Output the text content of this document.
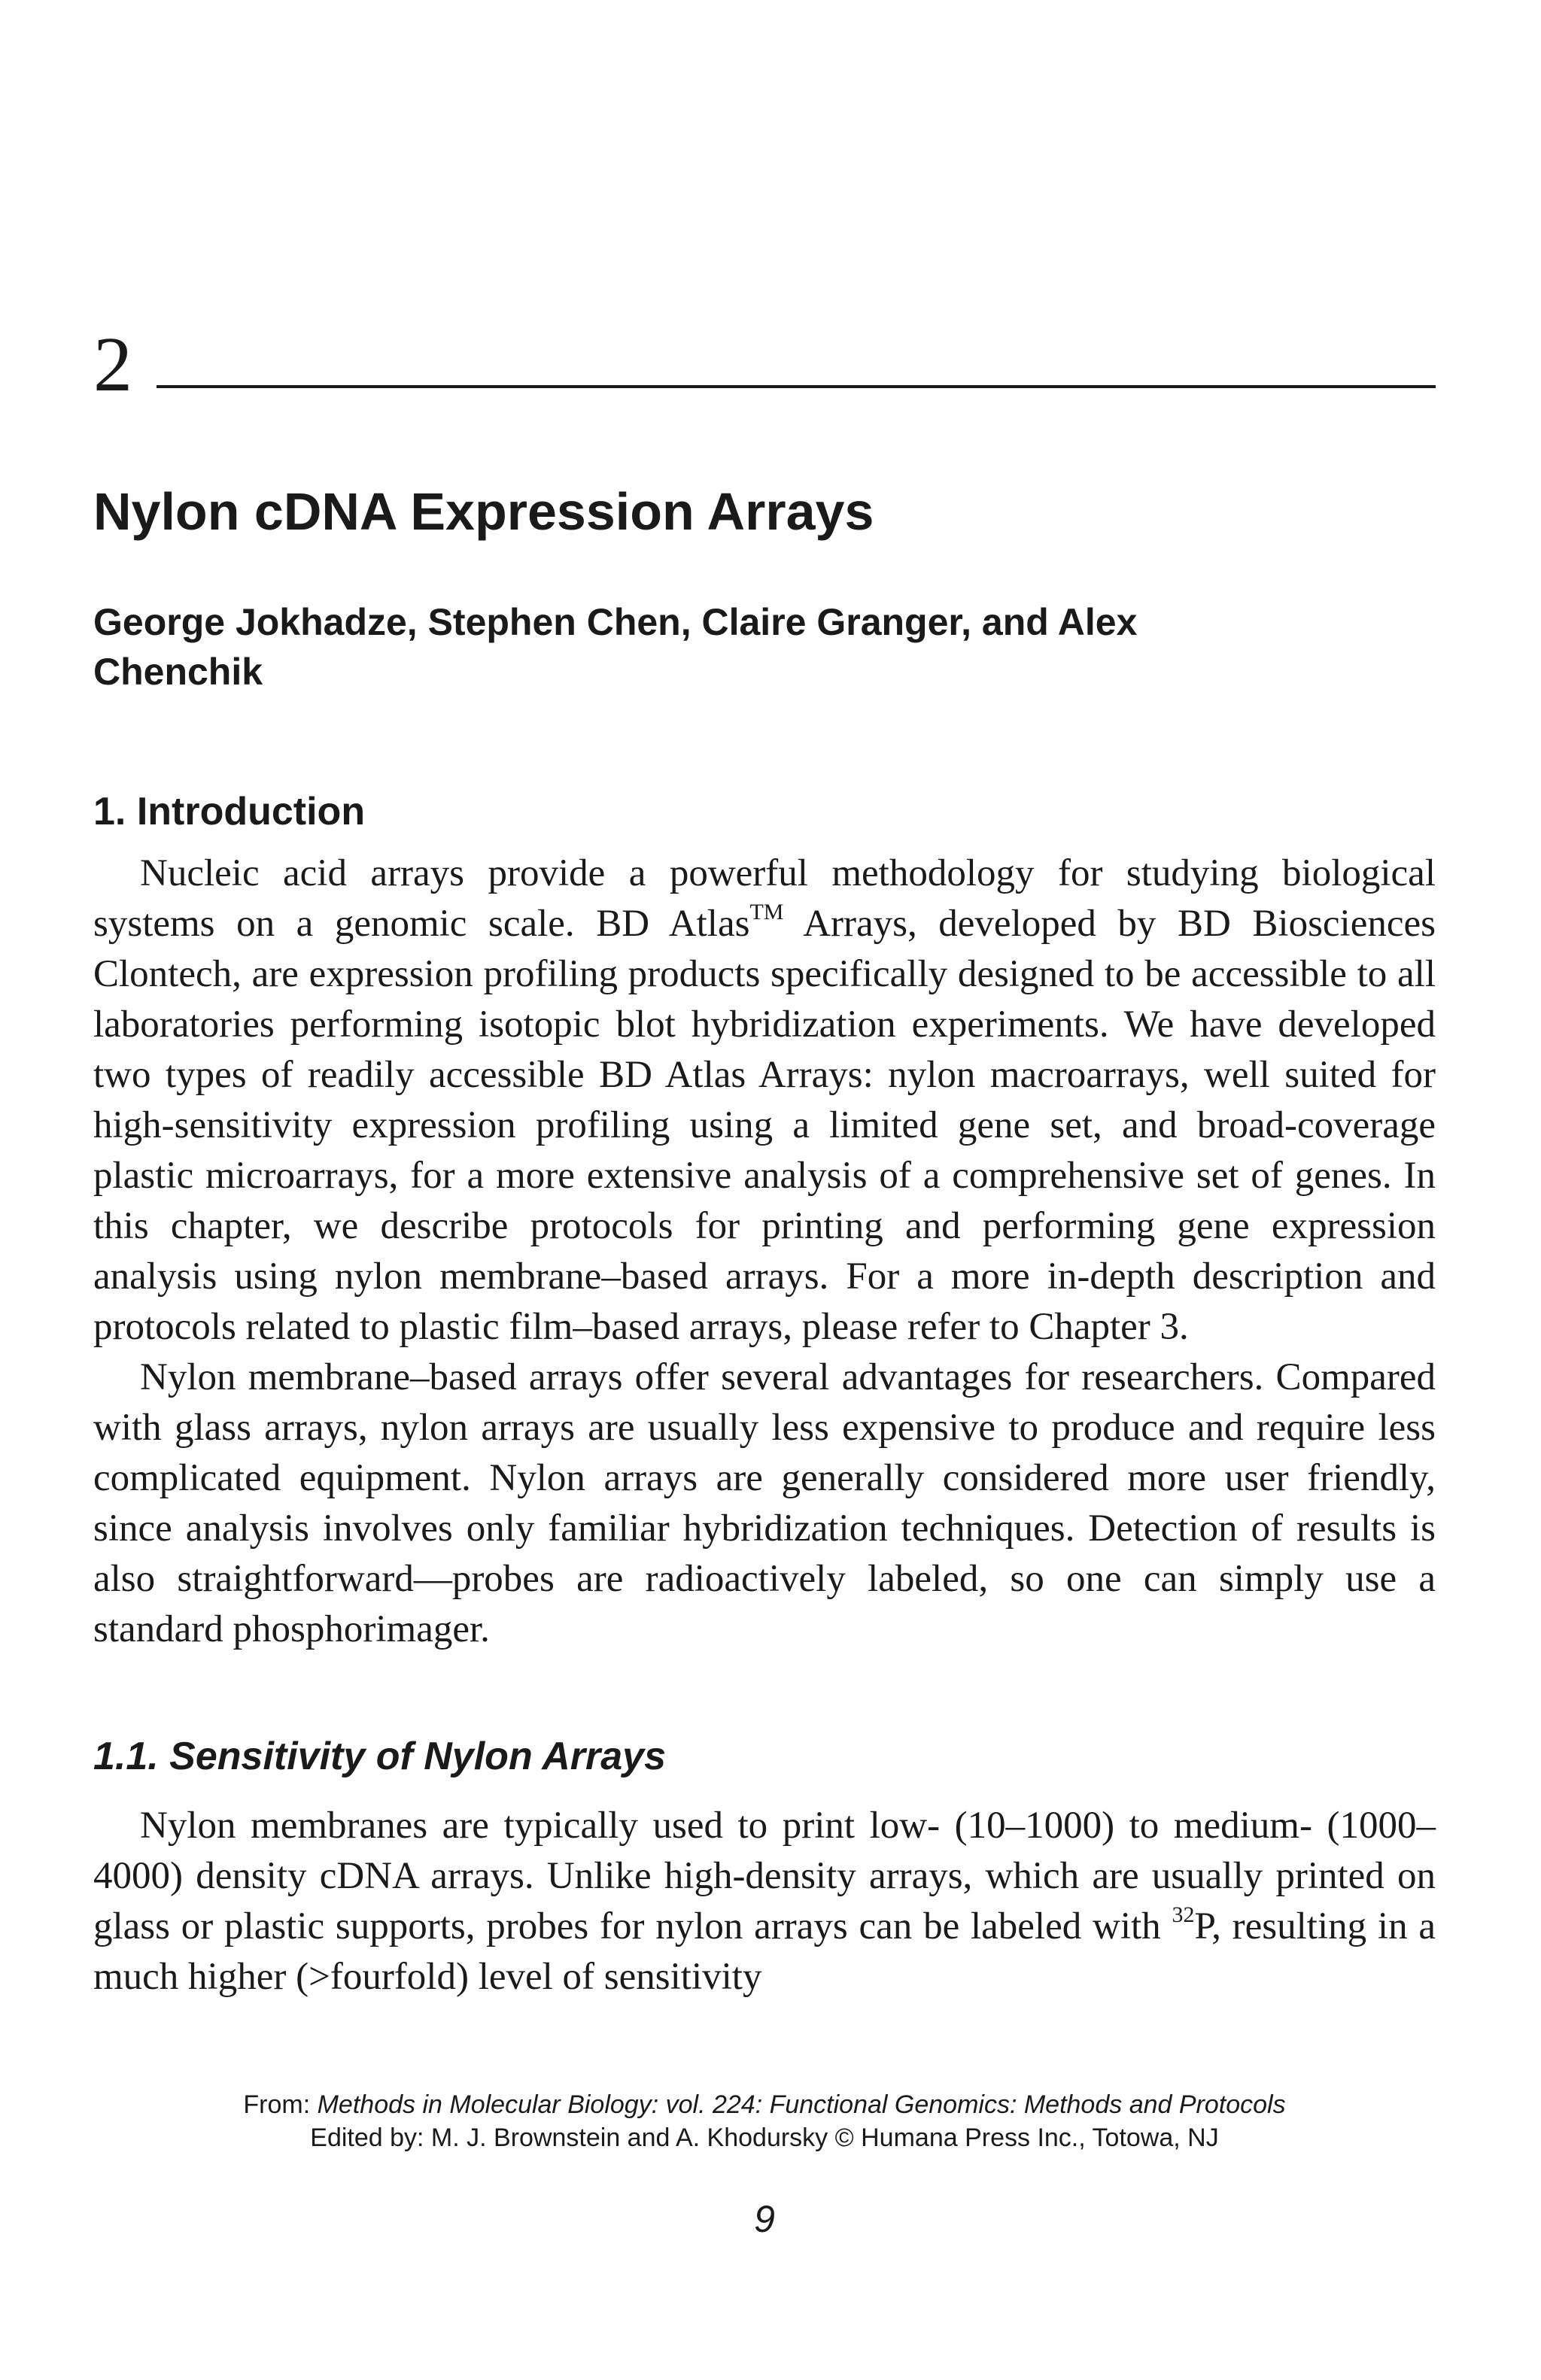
2
Nylon cDNA Expression Arrays

George Jokhadze, Stephen Chen, Claire Granger, and Alex Chenchik

1. Introduction

Nucleic acid arrays provide a powerful methodology for studying biological systems on a genomic scale. BD Atlas™ Arrays, developed by BD Biosciences Clontech, are expression profiling products specifically designed to be accessible to all laboratories performing isotopic blot hybridization experiments. We have developed two types of readily accessible BD Atlas Arrays: nylon macroarrays, well suited for high-sensitivity expression profiling using a limited gene set, and broad-coverage plastic microarrays, for a more extensive analysis of a comprehensive set of genes. In this chapter, we describe protocols for printing and performing gene expression analysis using nylon membrane–based arrays. For a more in-depth description and protocols related to plastic film–based arrays, please refer to Chapter 3.

Nylon membrane–based arrays offer several advantages for researchers. Compared with glass arrays, nylon arrays are usually less expensive to produce and require less complicated equipment. Nylon arrays are generally considered more user friendly, since analysis involves only familiar hybridization techniques. Detection of results is also straightforward—probes are radioactively labeled, so one can simply use a standard phosphorimager.

1.1. Sensitivity of Nylon Arrays

Nylon membranes are typically used to print low- (10–1000) to medium- (1000–4000) density cDNA arrays. Unlike high-density arrays, which are usually printed on glass or plastic supports, probes for nylon arrays can be labeled with $^{32}$P, resulting in a much higher (>fourfold) level of sensitivity

From: Methods in Molecular Biology: vol. 224: Functional Genomics: Methods and Protocols
Edited by: M. J. Brownstein and A. Khodursky © Humana Press Inc., Totowa, NJ
9
